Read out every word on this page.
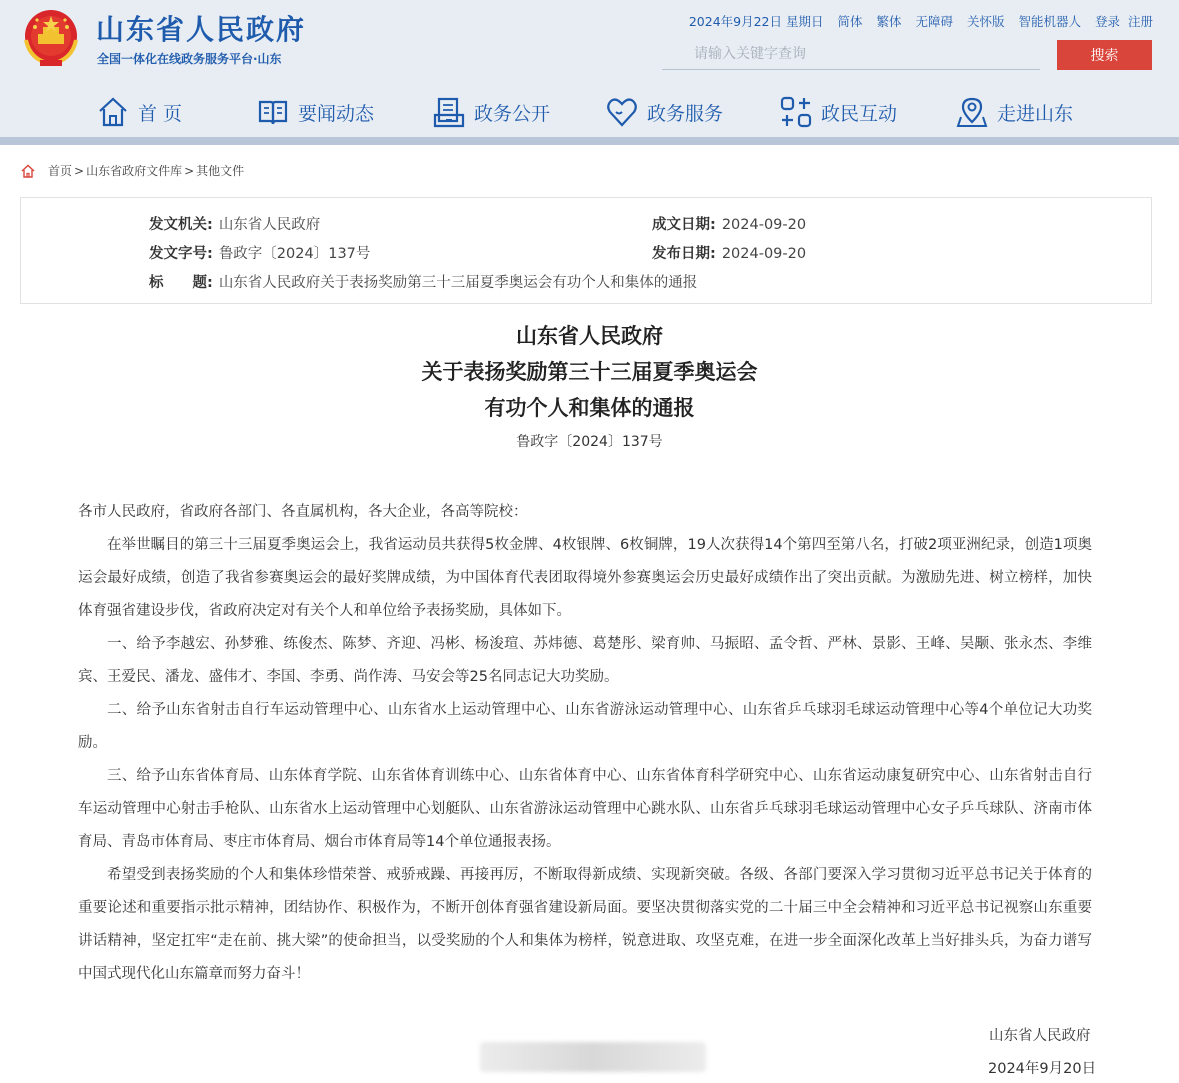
山东省人民政府
全国一体化在线政务服务平台·山东
2024年9月22日 星期日 简体 繁体 无障碍 关怀版 智能机器人 登录 注册
请输入关键字查询
搜索
首 页	要闻动态	政务公开	政务服务	政民互动	走进山东
首页 > 山东省政府文件库 > 其他文件
发文机关: 山东省人民政府
发文字号: 鲁政字〔2024〕137号
标　　题: 山东省人民政府关于表扬奖励第三十三届夏季奥运会有功个人和集体的通报
成文日期: 2024-09-20
发布日期: 2024-09-20
山东省人民政府
关于表扬奖励第三十三届夏季奥运会
有功个人和集体的通报
鲁政字〔2024〕137号

各市人民政府，省政府各部门、各直属机构，各大企业，各高等院校：

在举世瞩目的第三十三届夏季奥运会上，我省运动员共获得5枚金牌、4枚银牌、6枚铜牌，19人次获得14个第四至第八名，打破2项亚洲纪录，创造1项奥运会最好成绩，创造了我省参赛奥运会的最好奖牌成绩，为中国体育代表团取得境外参赛奥运会历史最好成绩作出了突出贡献。为激励先进、树立榜样，加快体育强省建设步伐，省政府决定对有关个人和单位给予表扬奖励，具体如下。

一、给予李越宏、孙梦雅、练俊杰、陈梦、齐迎、冯彬、杨浚瑄、苏炜德、葛楚彤、梁育帅、马振昭、孟令哲、严林、景影、王峰、吴颙、张永杰、李维宾、王爱民、潘龙、盛伟才、李国、李勇、尚作涛、马安会等25名同志记大功奖励。

二、给予山东省射击自行车运动管理中心、山东省水上运动管理中心、山东省游泳运动管理中心、山东省乒乓球羽毛球运动管理中心等4个单位记大功奖励。

三、给予山东省体育局、山东体育学院、山东省体育训练中心、山东省体育中心、山东省体育科学研究中心、山东省运动康复研究中心、山东省射击自行车运动管理中心射击手枪队、山东省水上运动管理中心划艇队、山东省游泳运动管理中心跳水队、山东省乒乓球羽毛球运动管理中心女子乒乓球队、济南市体育局、青岛市体育局、枣庄市体育局、烟台市体育局等14个单位通报表扬。

希望受到表扬奖励的个人和集体珍惜荣誉、戒骄戒躁、再接再厉，不断取得新成绩、实现新突破。各级、各部门要深入学习贯彻习近平总书记关于体育的重要论述和重要指示批示精神，团结协作、积极作为，不断开创体育强省建设新局面。要坚决贯彻落实党的二十届三中全会精神和习近平总书记视察山东重要讲话精神，坚定扛牢“走在前、挑大梁”的使命担当，以受奖励的个人和集体为榜样，锐意进取、攻坚克难，在进一步全面深化改革上当好排头兵，为奋力谱写中国式现代化山东篇章而努力奋斗！

山东省人民政府
2024年9月20日
